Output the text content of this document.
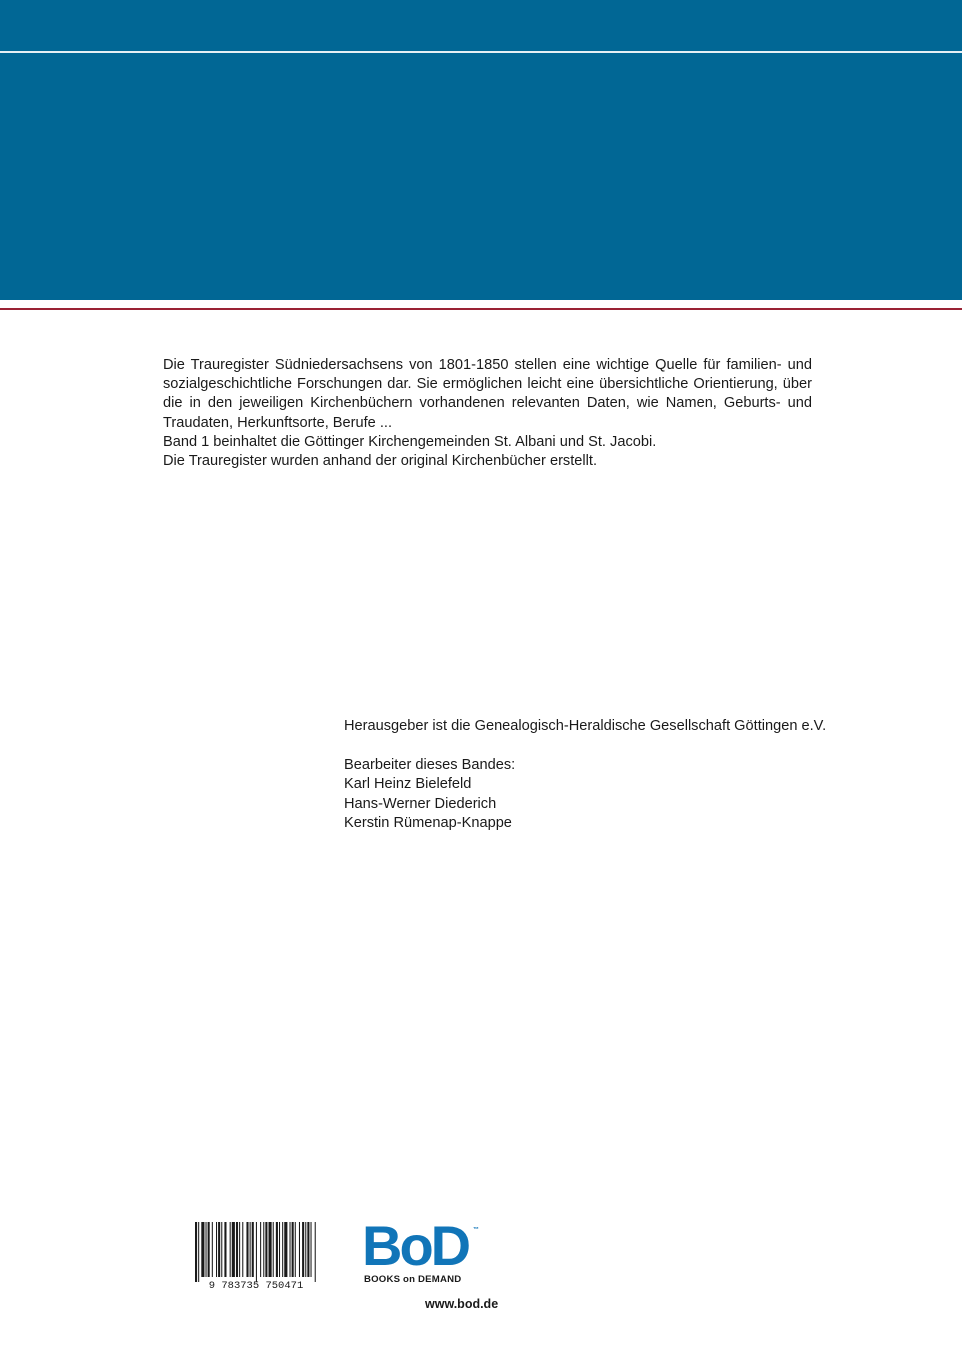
Die Trauregister Südniedersachsens von 1801-1850 stellen eine wichtige Quelle für familien- und sozialgeschichtliche Forschungen dar. Sie ermöglichen leicht eine übersichtliche Orientierung, über die in den jeweiligen Kirchenbüchern vorhandenen relevanten Daten, wie Namen, Geburts- und Traudaten, Herkunftsorte, Berufe ...

Band 1 beinhaltet die Göttinger Kirchengemeinden St. Albani und St. Jacobi.

Die Trauregister wurden anhand der original Kirchenbücher erstellt.

Herausgeber ist die Genealogisch-Heraldische Gesellschaft Göttingen e.V.

Bearbeiter dieses Bandes:

Karl Heinz Bielefeld

Hans-Werner Diederich

Kerstin Rümenap-Knappe

9 783735 750471
BoD ™
BOOKS on DEMAND
www.bod.de
